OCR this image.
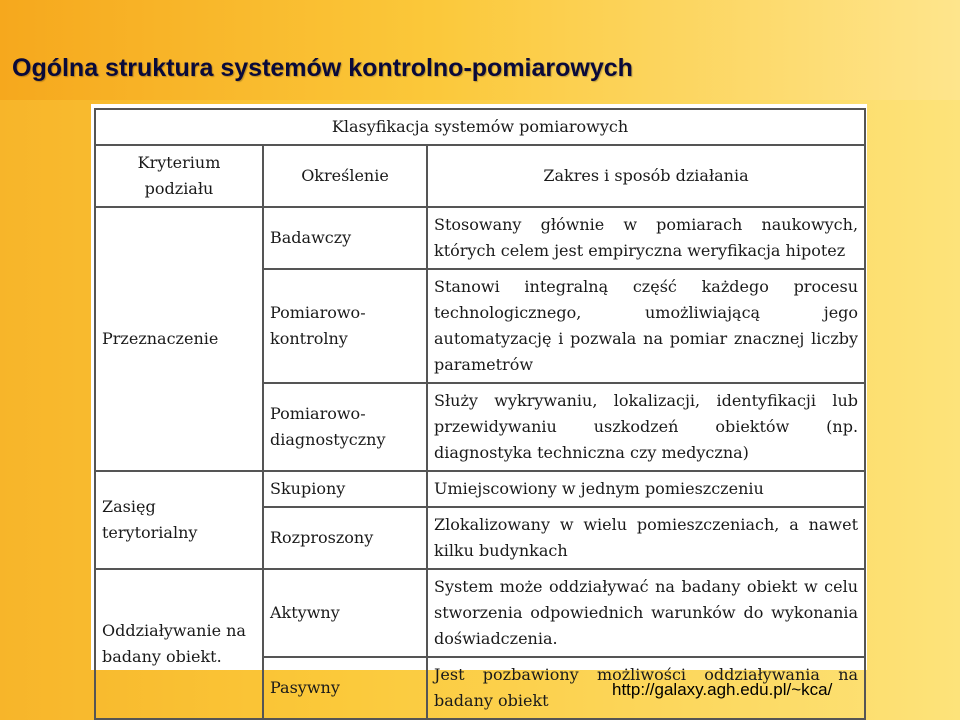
Ogólna struktura systemów kontrolno-pomiarowych
Klasyfikacja systemów pomiarowych		
Kryterium podziału	Określenie	Zakres i sposób działania
Przeznaczenie	Badawczy	Stosowany głównie w pomiarach naukowych, których celem jest empiryczna weryfikacja hipotez
	Pomiarowo-kontrolny	Stanowi integralną część każdego procesu technologicznego, umożliwiającą jego automatyzację i pozwala na pomiar znacznej liczby parametrów
	Pomiarowo-diagnostyczny	Służy wykrywaniu, lokalizacji, identyfikacji lub przewidywaniu uszkodzeń obiektów (np. diagnostyka techniczna czy medyczna)
Zasięg terytorialny	Skupiony	Umiejscowiony w jednym pomieszczeniu
	Rozproszony	Zlokalizowany w wielu pomieszczeniach, a nawet kilku budynkach
Oddziaływanie na badany obiekt.	Aktywny	System może oddziaływać na badany obiekt w celu stworzenia odpowiednich warunków do wykonania doświadczenia.
	Pasywny	Jest pozbawiony możliwości oddziaływania na badany obiekt
http://galaxy.agh.edu.pl/~kca/
